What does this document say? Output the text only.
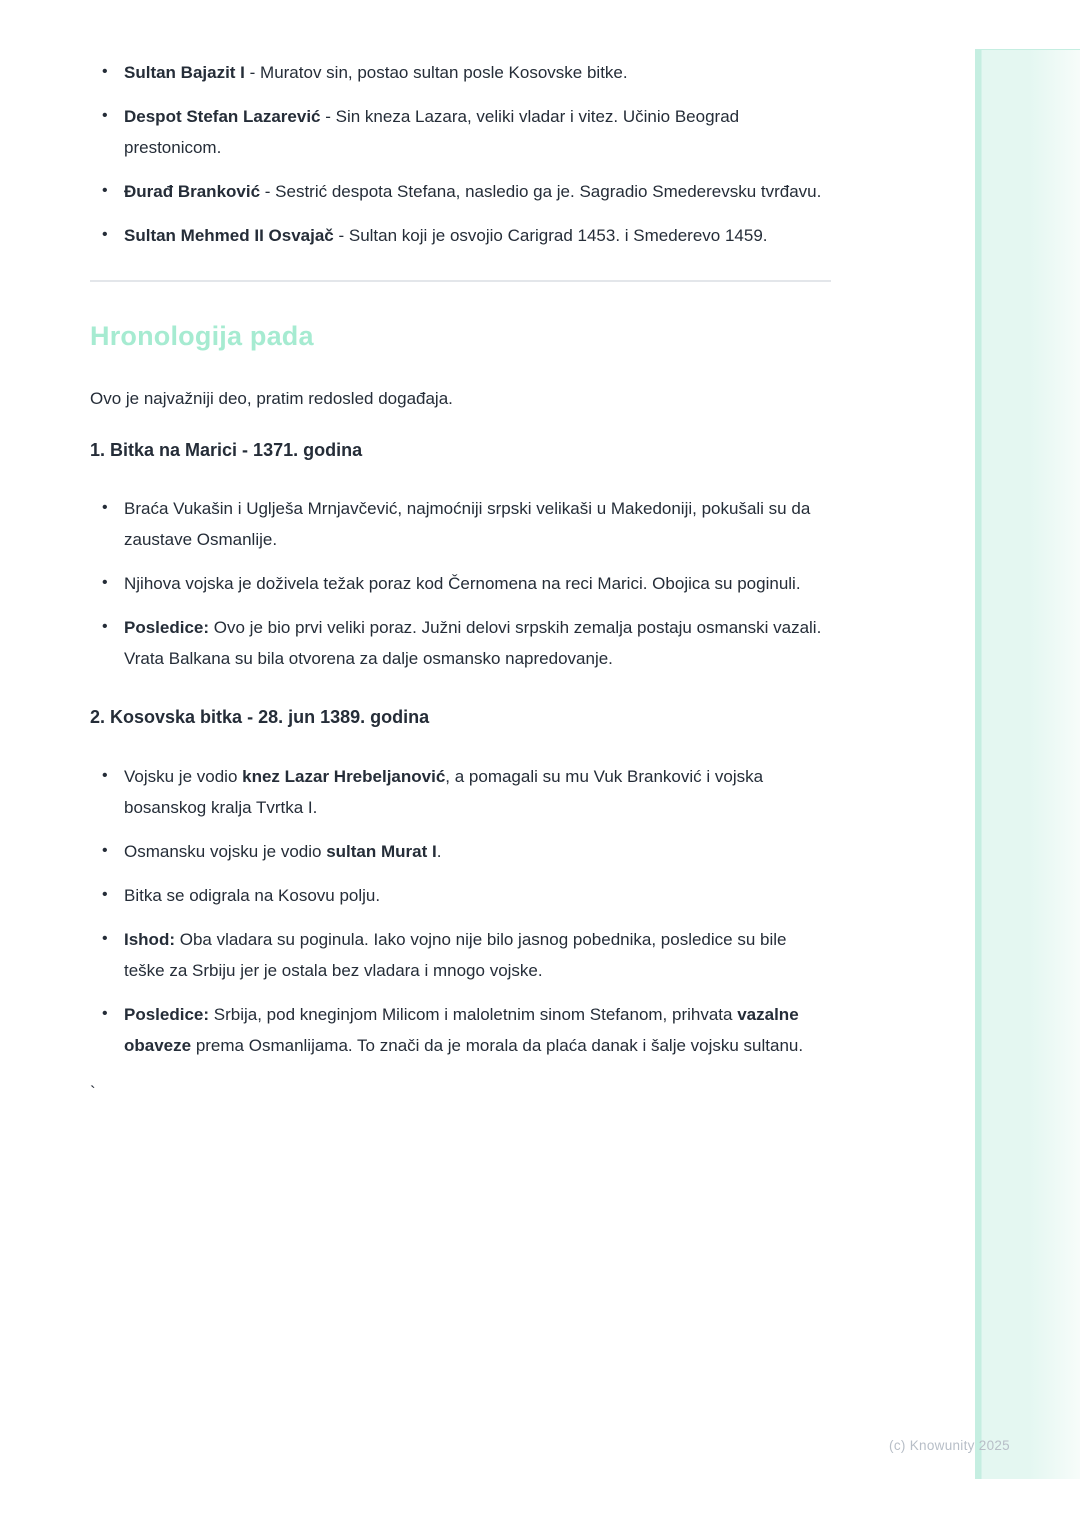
• Sultan Bajazit I - Muratov sin, postao sultan posle Kosovske bitke.
• Despot Stefan Lazarević - Sin kneza Lazara, veliki vladar i vitez. Učinio Beograd prestonicom.
• Đurađ Branković - Sestrić despota Stefana, nasledio ga je. Sagradio Smederevsku tvrđavu.
• Sultan Mehmed II Osvajač - Sultan koji je osvojio Carigrad 1453. i Smederevo 1459.
Hronologija pada

Ovo je najvažniji deo, pratim redosled događaja.

1. Bitka na Marici - 1371. godina
• Braća Vukašin i Uglješa Mrnjavčević, najmoćniji srpski velikaši u Makedoniji, pokušali su da zaustave Osmanlije.
• Njihova vojska je doživela težak poraz kod Černomena na reci Marici. Obojica su poginuli.
• Posledice: Ovo je bio prvi veliki poraz. Južni delovi srpskih zemalja postaju osmanski vazali. Vrata Balkana su bila otvorena za dalje osmansko napredovanje.
2. Kosovska bitka - 28. jun 1389. godina
• Vojsku je vodio knez Lazar Hrebeljanović, a pomagali su mu Vuk Branković i vojska bosanskog kralja Tvrtka I.
• Osmansku vojsku je vodio sultan Murat I.
• Bitka se odigrala na Kosovu polju.
• Ishod: Oba vladara su poginula. Iako vojno nije bilo jasnog pobednika, posledice su bile teške za Srbiju jer je ostala bez vladara i mnogo vojske.
• Posledice: Srbija, pod kneginjom Milicom i maloletnim sinom Stefanom, prihvata vazalne obaveze prema Osmanlijama. To znači da je morala da plaća danak i šalje vojsku sultanu.

`

(c) Knowunity 2025
